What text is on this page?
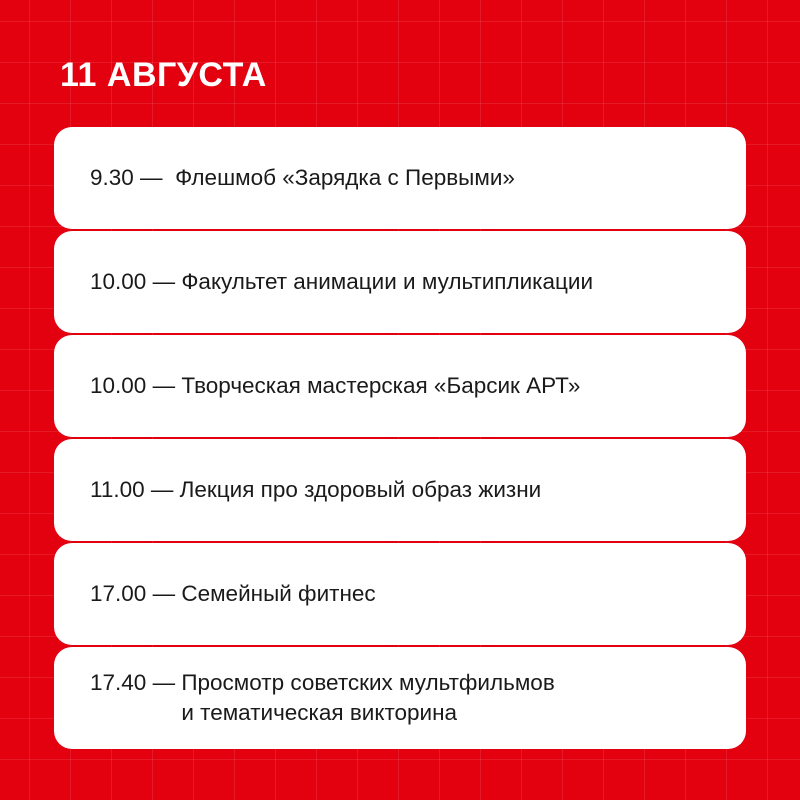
11 АВГУСТА
9.30 — Флешмоб «Зарядка с Первыми»
10.00 — Факультет анимации и мультипликации
10.00 — Творческая мастерская «Барсик АРТ»
11.00 — Лекция про здоровый образ жизни
17.00 — Семейный фитнес
17.40 — Просмотр советских мультфильмов
и тематическая викторина
